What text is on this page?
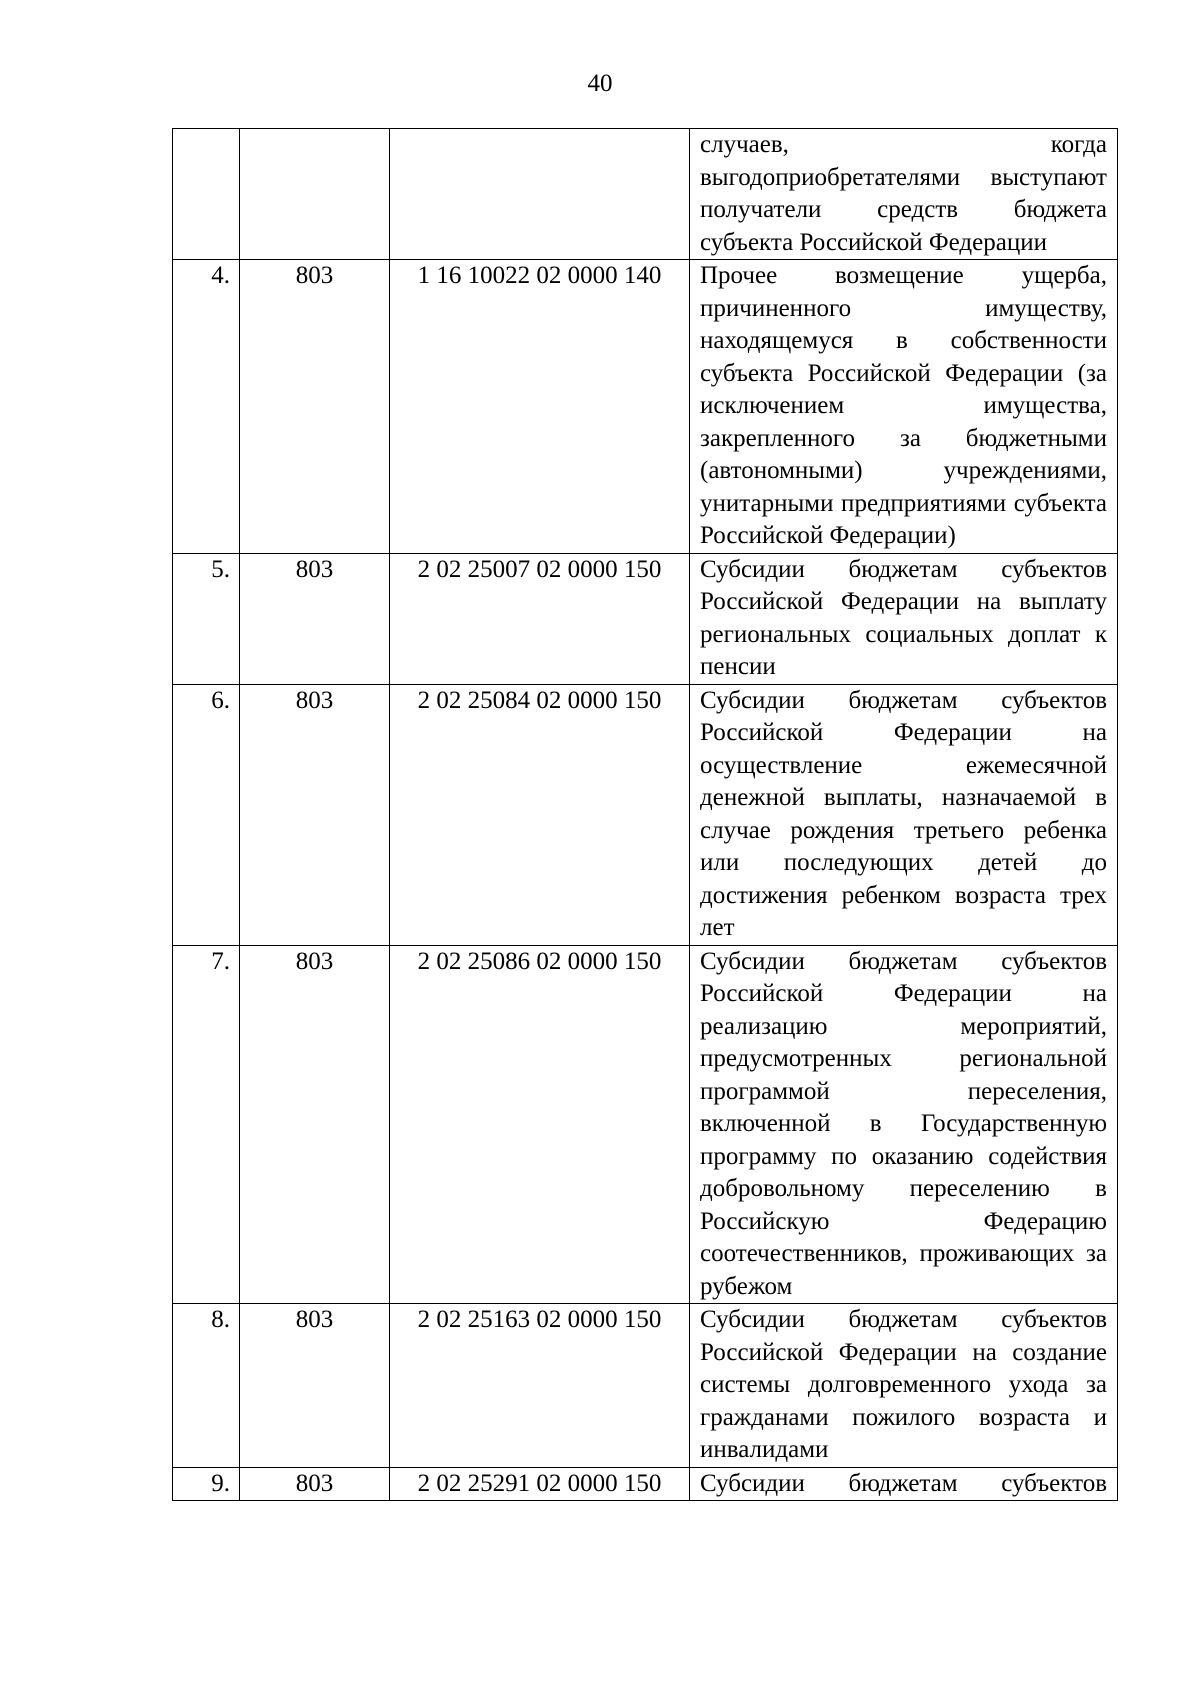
40
			случаев, когда выгодоприобретателями выступают получатели средств бюджета субъекта Российской Федерации
4.	803	1 16 10022 02 0000 140	Прочее возмещение ущерба, причиненного имуществу, находящемуся в собственности субъекта Российской Федерации (за исключением имущества, закрепленного за бюджетными (автономными) учреждениями, унитарными предприятиями субъекта Российской Федерации)
5.	803	2 02 25007 02 0000 150	Субсидии бюджетам субъектов Российской Федерации на выплату региональных социальных доплат к пенсии
6.	803	2 02 25084 02 0000 150	Субсидии бюджетам субъектов Российской Федерации на осуществление ежемесячной денежной выплаты, назначаемой в случае рождения третьего ребенка или последующих детей до достижения ребенком возраста трех лет
7.	803	2 02 25086 02 0000 150	Субсидии бюджетам субъектов Российской Федерации на реализацию мероприятий, предусмотренных региональной программой переселения, включенной в Государственную программу по оказанию содействия добровольному переселению в Российскую Федерацию соотечественников, проживающих за рубежом
8.	803	2 02 25163 02 0000 150	Субсидии бюджетам субъектов Российской Федерации на создание системы долговременного ухода за гражданами пожилого возраста и инвалидами
9.	803	2 02 25291 02 0000 150	Субсидии бюджетам субъектов
